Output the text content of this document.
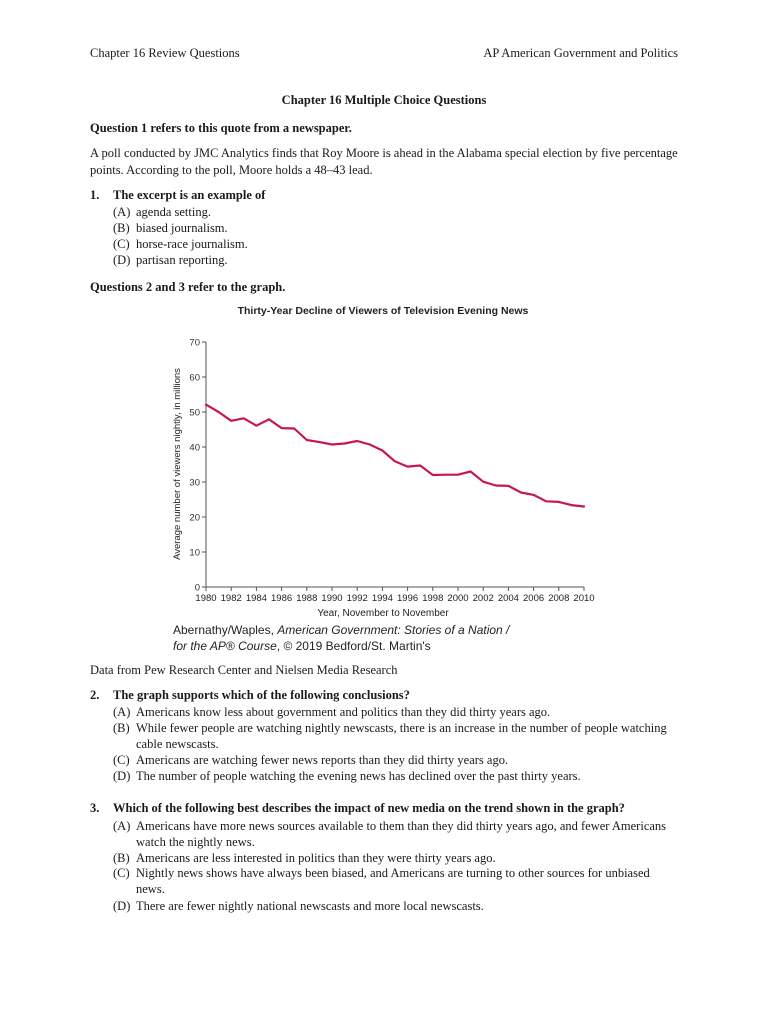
Chapter 16 Review Questions	AP American Government and Politics
Chapter 16 Multiple Choice Questions
Question 1 refers to this quote from a newspaper.
A poll conducted by JMC Analytics finds that Roy Moore is ahead in the Alabama special election by five percentage points. According to the poll, Moore holds a 48–43 lead.
1. The excerpt is an example of
(A) agenda setting.
(B) biased journalism.
(C) horse-race journalism.
(D) partisan reporting.
Questions 2 and 3 refer to the graph.
Thirty-Year Decline of Viewers of Television Evening News
Average number of viewers nightly, in millions
Year, November to November
0
10
20
30
40
50
60
70
1980 1982 1984 1986 1988 1990 1992 1994 1996 1998 2000 2002 2004 2006 2008 2010
Abernathy/Waples, American Government: Stories of a Nation /
for the AP® Course, © 2019 Bedford/St. Martin's
Data from Pew Research Center and Nielsen Media Research
2. The graph supports which of the following conclusions?
(A) Americans know less about government and politics than they did thirty years ago.
(B) While fewer people are watching nightly newscasts, there is an increase in the number of people watching
cable newscasts.
(C) Americans are watching fewer news reports than they did thirty years ago.
(D) The number of people watching the evening news has declined over the past thirty years.
3. Which of the following best describes the impact of new media on the trend shown in the graph?
(A) Americans have more news sources available to them than they did thirty years ago, and fewer Americans
watch the nightly news.
(B) Americans are less interested in politics than they were thirty years ago.
(C) Nightly news shows have always been biased, and Americans are turning to other sources for unbiased
news.
(D) There are fewer nightly national newscasts and more local newscasts.
